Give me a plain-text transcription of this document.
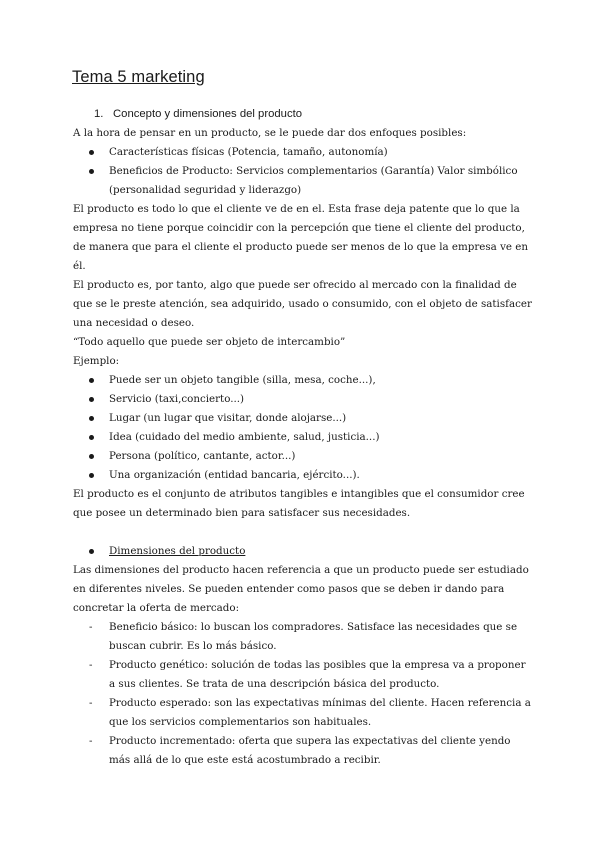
Tema 5 marketing
1. Concepto y dimensiones del producto

A la hora de pensar en un producto, se le puede dar dos enfoques posibles:

Características físicas (Potencia, tamaño, autonomía)
Beneficios de Producto: Servicios complementarios (Garantía) Valor simbólico (personalidad seguridad y liderazgo)

El producto es todo lo que el cliente ve de en el. Esta frase deja patente que lo que la empresa no tiene porque coincidir con la percepción que tiene el cliente del producto, de manera que para el cliente el producto puede ser menos de lo que la empresa ve en él.

El producto es, por tanto, algo que puede ser ofrecido al mercado con la finalidad de que se le preste atención, sea adquirido, usado o consumido, con el objeto de satisfacer una necesidad o deseo.

“Todo aquello que puede ser objeto de intercambio”

Ejemplo:

Puede ser un objeto tangible (silla, mesa, coche...),
Servicio (taxi,concierto...)
Lugar (un lugar que visitar, donde alojarse...)
Idea (cuidado del medio ambiente, salud, justicia...)
Persona (político, cantante, actor...)
Una organización (entidad bancaria, ejército...).

El producto es el conjunto de atributos tangibles e intangibles que el consumidor cree que posee un determinado bien para satisfacer sus necesidades.

Dimensiones del producto

Las dimensiones del producto hacen referencia a que un producto puede ser estudiado en diferentes niveles. Se pueden entender como pasos que se deben ir dando para concretar la oferta de mercado:

- Beneficio básico: lo buscan los compradores. Satisface las necesidades que se buscan cubrir. Es lo más básico.
- Producto genético: solución de todas las posibles que la empresa va a proponer a sus clientes. Se trata de una descripción básica del producto.
- Producto esperado: son las expectativas mínimas del cliente. Hacen referencia a que los servicios complementarios son habituales.
- Producto incrementado: oferta que supera las expectativas del cliente yendo más allá de lo que este está acostumbrado a recibir.
